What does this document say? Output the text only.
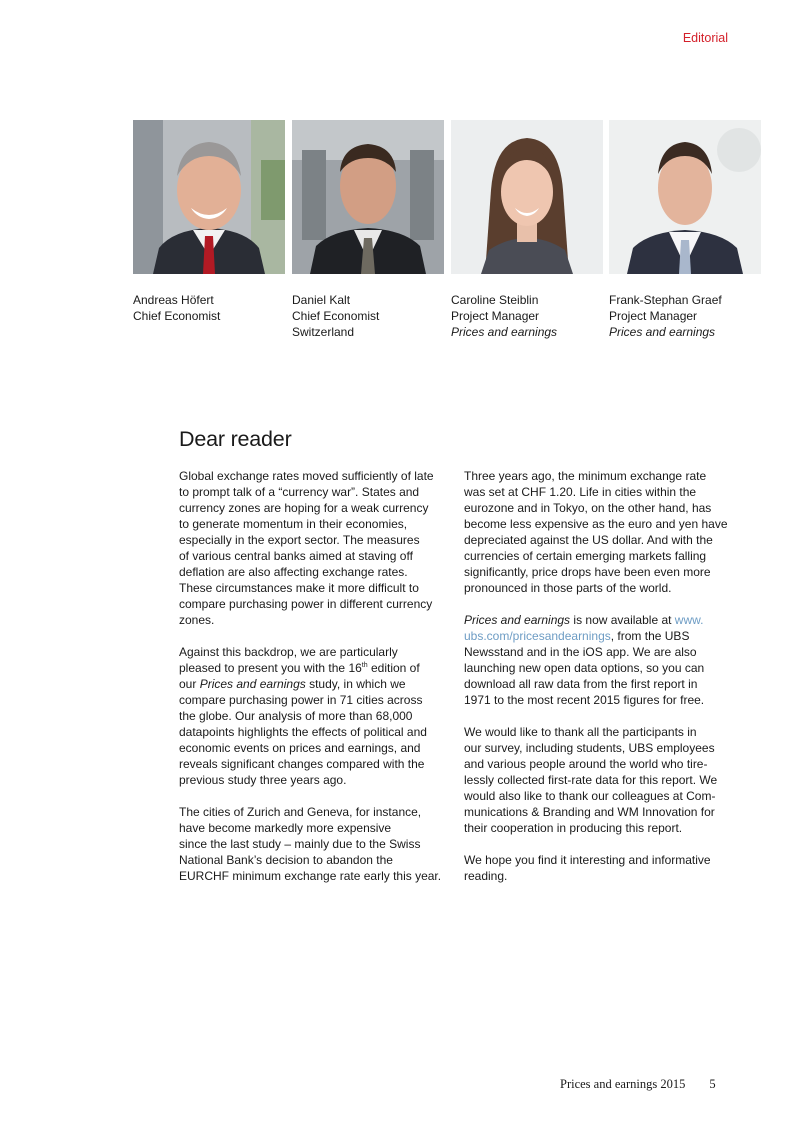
Editorial
Andreas Höfert
Chief Economist
Daniel Kalt
Chief Economist
Switzerland
Caroline Steiblin
Project Manager
Prices and earnings
Frank-Stephan Graef
Project Manager
Prices and earnings
Dear reader

Global exchange rates moved sufficiently of late
to prompt talk of a “currency war”. States and
currency zones are hoping for a weak currency
to generate momentum in their economies,
especially in the export sector. The measures
of various central banks aimed at staving off
deflation are also affecting exchange rates.
These circumstances make it more difficult to
compare purchasing power in different currency
zones.

Against this backdrop, we are particularly
pleased to present you with the 16th edition of
our Prices and earnings study, in which we
compare purchasing power in 71 cities across
the globe. Our analysis of more than 68,000
datapoints highlights the effects of political and
economic events on prices and earnings, and
reveals significant changes compared with the
previous study three years ago.

The cities of Zurich and Geneva, for instance,
have become markedly more expensive
since the last study – mainly due to the Swiss
National Bank’s decision to abandon the
EURCHF minimum exchange rate early this year.

Three years ago, the minimum exchange rate
was set at CHF 1.20. Life in cities within the
eurozone and in Tokyo, on the other hand, has
become less expensive as the euro and yen have
depreciated against the US dollar. And with the
currencies of certain emerging markets falling
significantly, price drops have been even more
pronounced in those parts of the world.

Prices and earnings is now available at www.
ubs.com/pricesandearnings, from the UBS
Newsstand and in the iOS app. We are also
launching new open data options, so you can
download all raw data from the first report in
1971 to the most recent 2015 figures for free.

We would like to thank all the participants in
our survey, including students, UBS employees
and various people around the world who tire-
lessly collected first-rate data for this report. We
would also like to thank our colleagues at Com-
munications & Branding and WM Innovation for
their cooperation in producing this report.

We hope you find it interesting and informative
reading.

Prices and earnings 2015 5
